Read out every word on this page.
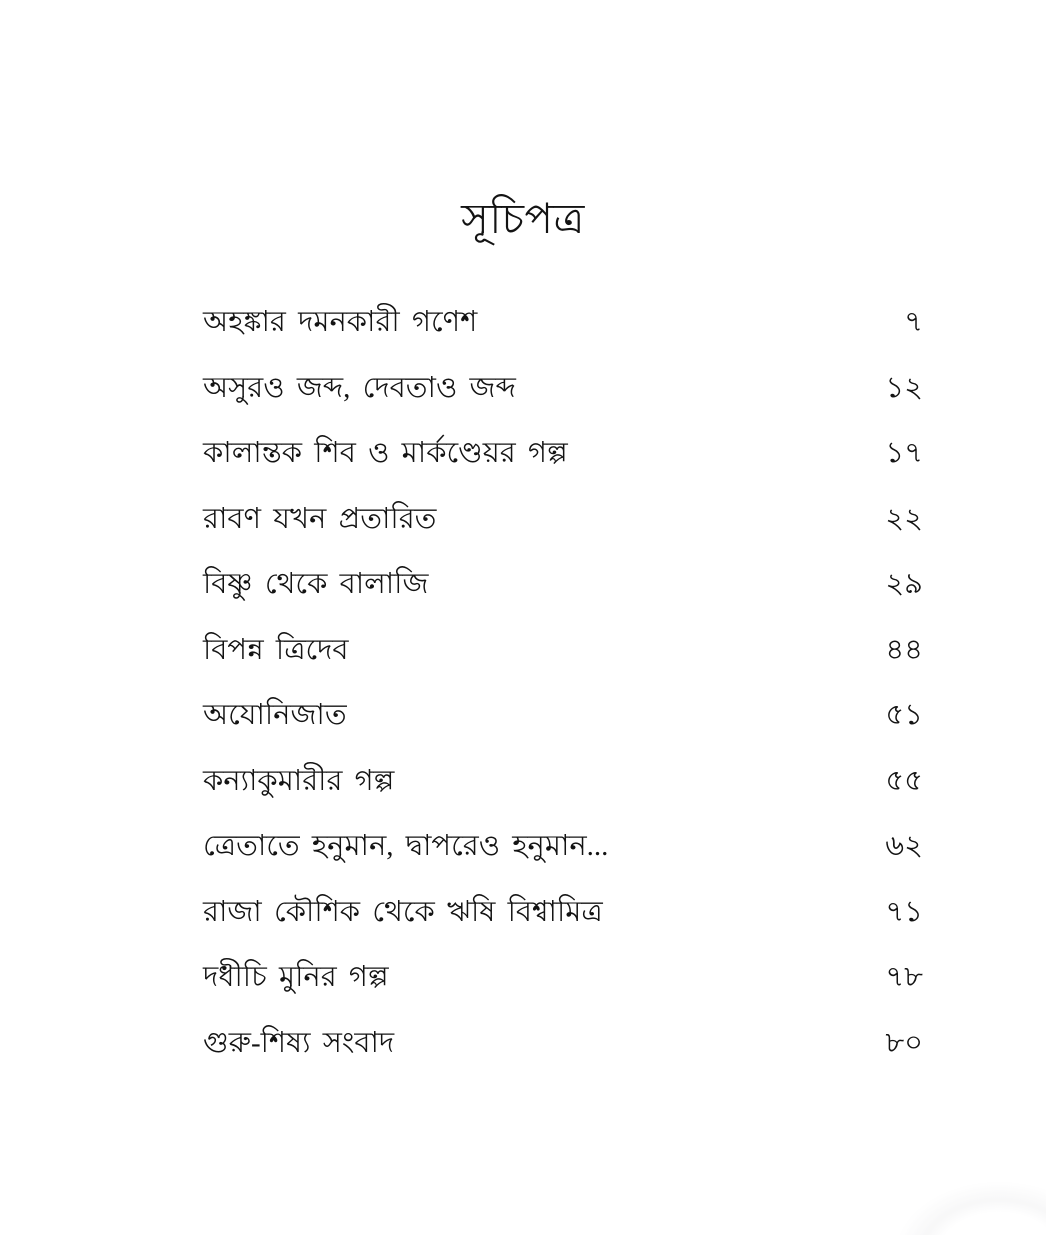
সূচিপত্র
অহঙ্কার দমনকারী গণেশ	৭
অসুরও জব্দ, দেবতাও জব্দ	১২
কালান্তক শিব ও মার্কণ্ডেয়র গল্প	১৭
রাবণ যখন প্রতারিত	২২
বিষ্ণু থেকে বালাজি	২৯
বিপন্ন ত্রিদেব	৪৪
অযোনিজাত	৫১
কন্যাকুমারীর গল্প	৫৫
ত্রেতাতে হনুমান, দ্বাপরেও হনুমান...	৬২
রাজা কৌশিক থেকে ঋষি বিশ্বামিত্র	৭১
দধীচি মুনির গল্প	৭৮
গুরু-শিষ্য সংবাদ	৮০
